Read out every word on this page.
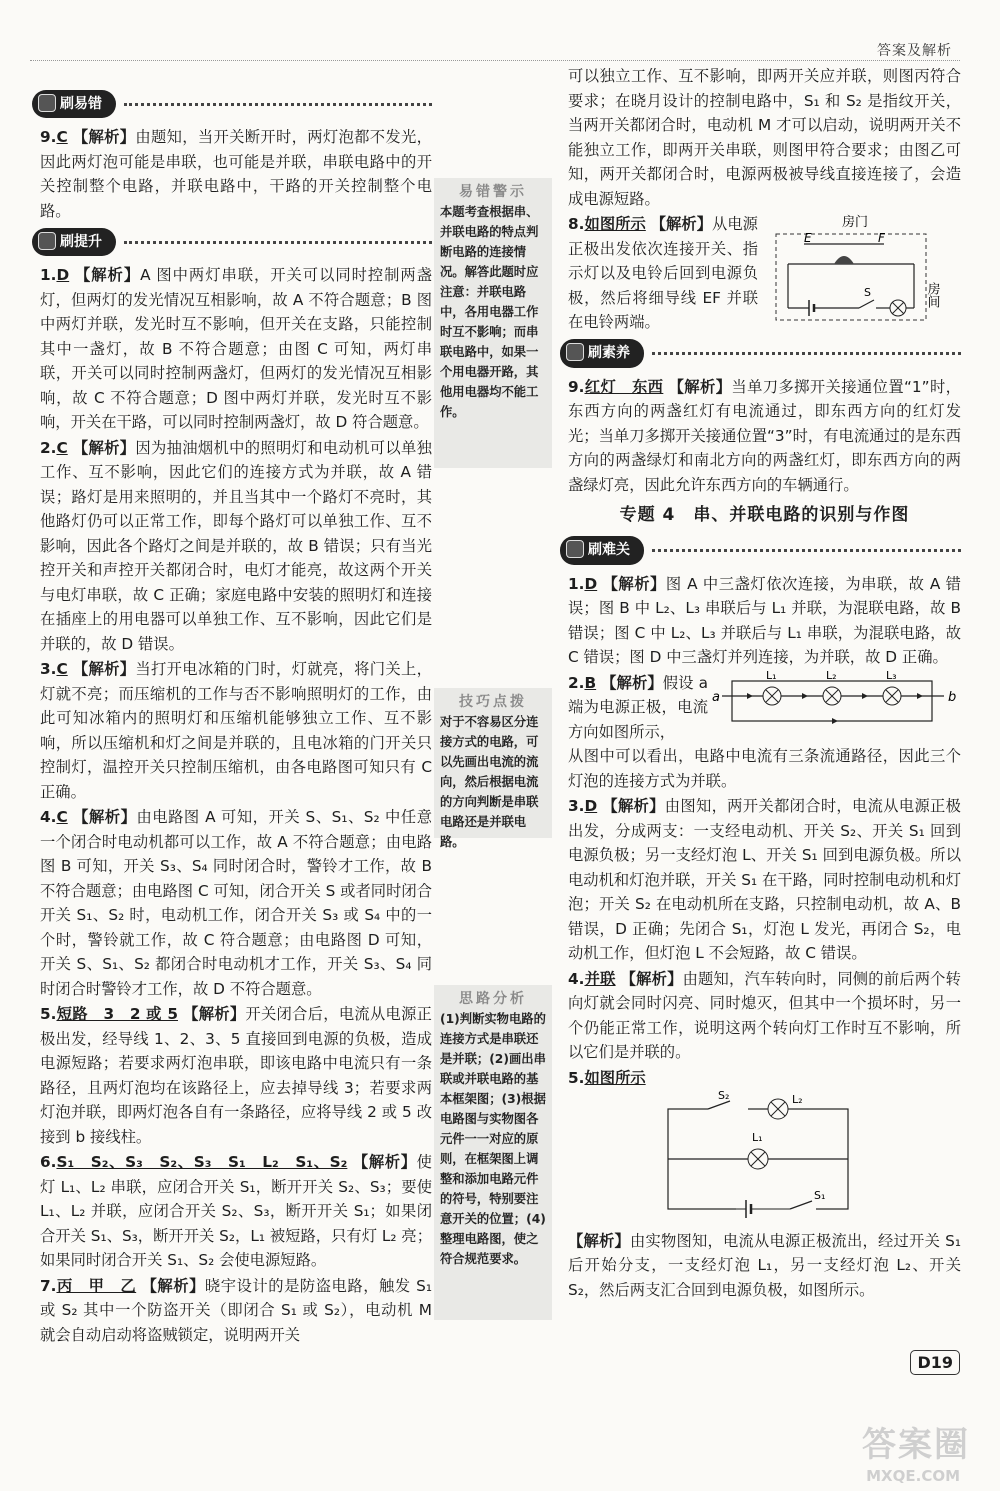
答案及解析
刷易错

9.C 【解析】由题知，当开关断开时，两灯泡都不发光，因此两灯泡可能是串联，也可能是并联，串联电路中的开关控制整个电路，并联电路中，干路的开关控制整个电路。

刷提升

1.D 【解析】A 图中两灯串联，开关可以同时控制两盏灯，但两灯的发光情况互相影响，故 A 不符合题意；B 图中两灯并联，发光时互不影响，但开关在支路，只能控制其中一盏灯，故 B 不符合题意；由图 C 可知，两灯串联，开关可以同时控制两盏灯，但两灯的发光情况互相影响，故 C 不符合题意；D 图中两灯并联，发光时互不影响，开关在干路，可以同时控制两盏灯，故 D 符合题意。

2.C 【解析】因为抽油烟机中的照明灯和电动机可以单独工作、互不影响，因此它们的连接方式为并联，故 A 错误；路灯是用来照明的，并且当其中一个路灯不亮时，其他路灯仍可以正常工作，即每个路灯可以单独工作、互不影响，因此各个路灯之间是并联的，故 B 错误；只有当光控开关和声控开关都闭合时，电灯才能亮，故这两个开关与电灯串联，故 C 正确；家庭电路中安装的照明灯和连接在插座上的用电器可以单独工作、互不影响，因此它们是并联的，故 D 错误。

3.C 【解析】当打开电冰箱的门时，灯就亮，将门关上，灯就不亮；而压缩机的工作与否不影响照明灯的工作，由此可知冰箱内的照明灯和压缩机能够独立工作、互不影响，所以压缩机和灯之间是并联的，且电冰箱的门开关只控制灯，温控开关只控制压缩机，由各电路图可知只有 C 正确。

4.C 【解析】由电路图 A 可知，开关 S、S₁、S₂ 中任意一个闭合时电动机都可以工作，故 A 不符合题意；由电路图 B 可知，开关 S₃、S₄ 同时闭合时，警铃才工作，故 B 不符合题意；由电路图 C 可知，闭合开关 S 或者同时闭合开关 S₁、S₂ 时，电动机工作，闭合开关 S₃ 或 S₄ 中的一个时，警铃就工作，故 C 符合题意；由电路图 D 可知，开关 S、S₁、S₂ 都闭合时电动机才工作，开关 S₃、S₄ 同时闭合时警铃才工作，故 D 不符合题意。

5.短路　3　2 或 5 【解析】开关闭合后，电流从电源正极出发，经导线 1、2、3、5 直接回到电源的负极，造成电源短路；若要求两灯泡串联，即该电路中电流只有一条路径，且两灯泡均在该路径上，应去掉导线 3；若要求两灯泡并联，即两灯泡各自有一条路径，应将导线 2 或 5 改接到 b 接线柱。

6.S₁　S₂、S₃　S₂、S₃　S₁　L₂　S₁、S₂ 【解析】使灯 L₁、L₂ 串联，应闭合开关 S₁，断开开关 S₂、S₃；要使 L₁、L₂ 并联，应闭合开关 S₂、S₃，断开开关 S₁；如果闭合开关 S₁、S₃，断开开关 S₂，L₁ 被短路，只有灯 L₂ 亮；如果同时闭合开关 S₁、S₂ 会使电源短路。

7.丙　甲　乙 【解析】晓宇设计的是防盗电路，触发 S₁ 或 S₂ 其中一个防盗开关（即闭合 S₁ 或 S₂），电动机 M 就会自动启动将盗贼锁定，说明两开关

易错警示
本题考查根据串、并联电路的特点判断电路的连接情况。解答此题时应注意：并联电路中，各用电器工作时互不影响；而串联电路中，如果一个用电器开路，其他用电器均不能工作。
技巧点拨
对于不容易区分连接方式的电路，可以先画出电流的流向，然后根据电流的方向判断是串联电路还是并联电路。
思路分析
(1)判断实物电路的连接方式是串联还是并联；(2)画出串联或并联电路的基本框架图；(3)根据电路图与实物图各元件一一对应的原则，在框架图上调整和添加电路元件的符号，特别要注意开关的位置；(4)整理电路图，使之符合规范要求。

可以独立工作、互不影响，即两开关应并联，则图丙符合要求；在晓月设计的控制电路中，S₁ 和 S₂ 是指纹开关，当两开关都闭合时，电动机 M 才可以启动，说明两开关不能独立工作，即两开关串联，则图甲符合要求；由图乙可知，两开关都闭合时，电源两极被导线直接连接了，会造成电源短路。

8.如图所示 【解析】从电源正极出发依次连接开关、指示灯以及电铃后回到电源负极，然后将细导线 EF 并联在电铃两端。

房门
房间
E	F
S
刷素养

9.红灯　东西 【解析】当单刀多掷开关接通位置“1”时，东西方向的两盏红灯有电流通过，即东西方向的红灯发光；当单刀多掷开关接通位置“3”时，有电流通过的是东西方向的两盏绿灯和南北方向的两盏红灯，即东西方向的两盏绿灯亮，因此允许东西方向的车辆通行。

专题 4　串、并联电路的识别与作图
刷难关

1.D 【解析】图 A 中三盏灯依次连接，为串联，故 A 错误；图 B 中 L₂、L₃ 串联后与 L₁ 并联，为混联电路，故 B 错误；图 C 中 L₂、L₃ 并联后与 L₁ 串联，为混联电路，故 C 错误；图 D 中三盏灯并列连接，为并联，故 D 正确。

2.B 【解析】假设 a 端为电源正极，电流方向如图所示，

a	b
L₁	L₂	L₃

从图中可以看出，电路中电流有三条流通路径，因此三个灯泡的连接方式为并联。

3.D 【解析】由图知，两开关都闭合时，电流从电源正极出发，分成两支：一支经电动机、开关 S₂、开关 S₁ 回到电源负极；另一支经灯泡 L、开关 S₁ 回到电源负极。所以电动机和灯泡并联，开关 S₁ 在干路，同时控制电动机和灯泡；开关 S₂ 在电动机所在支路，只控制电动机，故 A、B 错误，D 正确；先闭合 S₁，灯泡 L 发光，再闭合 S₂，电动机工作，但灯泡 L 不会短路，故 C 错误。

4.并联 【解析】由题知，汽车转向时，同侧的前后两个转向灯就会同时闪亮、同时熄灭，但其中一个损坏时，另一个仍能正常工作，说明这两个转向灯工作时互不影响，所以它们是并联的。

5.如图所示

S₂	L₂
L₁
S₁

【解析】由实物图知，电流从电源正极流出，经过开关 S₁ 后开始分支，一支经灯泡 L₁，另一支经灯泡 L₂、开关 S₂，然后两支汇合回到电源负极，如图所示。

D19
答案圈
MXQE.COM
